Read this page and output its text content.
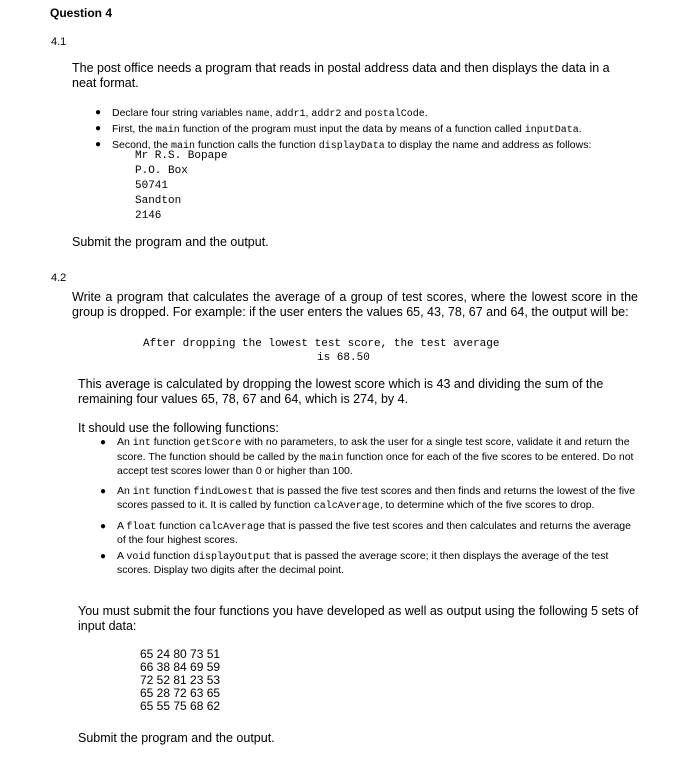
Question 4
4.1
The post office needs a program that reads in postal address data and then displays the data in a neat format.
● Declare four string variables name, addr1, addr2 and postalCode.
● First, the main function of the program must input the data by means of a function called inputData.
● Second, the main function calls the function displayData to display the name and address as follows:
Mr R.S. Bopape
P.O. Box
50741
Sandton
2146
Submit the program and the output.
4.2
Write a program that calculates the average of a group of test scores, where the lowest score in the group is dropped. For example: if the user enters the values 65, 43, 78, 67 and 64, the output will be:
After dropping the lowest test score, the test average
is 68.50
This average is calculated by dropping the lowest score which is 43 and dividing the sum of the remaining four values 65, 78, 67 and 64, which is 274, by 4.
It should use the following functions:
● An int function getScore with no parameters, to ask the user for a single test score, validate it and return the score. The function should be called by the main function once for each of the five scores to be entered. Do not accept test scores lower than 0 or higher than 100.
● An int function findLowest that is passed the five test scores and then finds and returns the lowest of the five scores passed to it. It is called by function calcAverage, to determine which of the five scores to drop.
● A float function calcAverage that is passed the five test scores and then calculates and returns the average of the four highest scores.
● A void function displayOutput that is passed the average score; it then displays the average of the test scores. Display two digits after the decimal point.
You must submit the four functions you have developed as well as output using the following 5 sets of input data:
65 24 80 73 51
66 38 84 69 59
72 52 81 23 53
65 28 72 63 65
65 55 75 68 62
Submit the program and the output.
